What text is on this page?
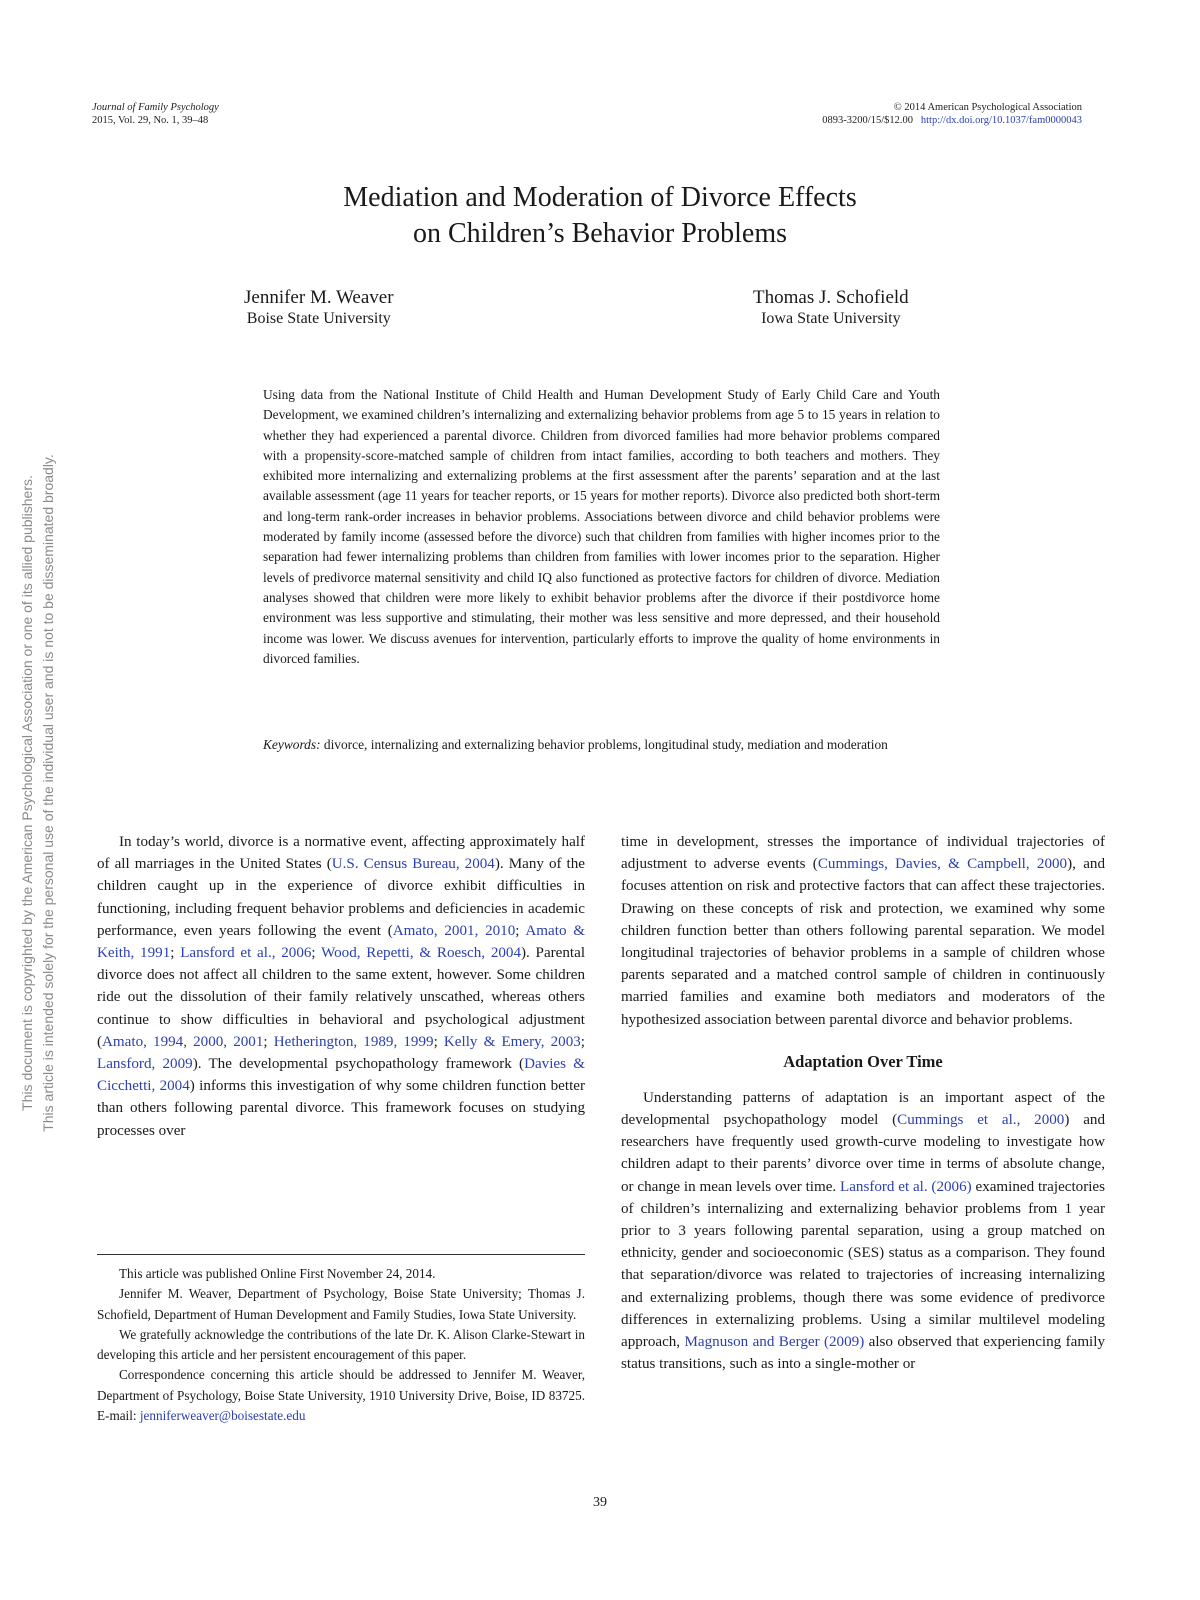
Journal of Family Psychology
2015, Vol. 29, No. 1, 39–48
© 2014 American Psychological Association
0893-3200/15/$12.00 http://dx.doi.org/10.1037/fam0000043
Mediation and Moderation of Divorce Effects
on Children’s Behavior Problems
Jennifer M. Weaver
Boise State University
Thomas J. Schofield
Iowa State University
Using data from the National Institute of Child Health and Human Development Study of Early Child Care and Youth Development, we examined children’s internalizing and externalizing behavior problems from age 5 to 15 years in relation to whether they had experienced a parental divorce. Children from divorced families had more behavior problems compared with a propensity-score-matched sample of children from intact families, according to both teachers and mothers. They exhibited more internalizing and externalizing problems at the first assessment after the parents’ separation and at the last available assessment (age 11 years for teacher reports, or 15 years for mother reports). Divorce also predicted both short-term and long-term rank-order increases in behavior problems. Associations between divorce and child behavior problems were moderated by family income (assessed before the divorce) such that children from families with higher incomes prior to the separation had fewer internalizing problems than children from families with lower incomes prior to the separation. Higher levels of predivorce maternal sensitivity and child IQ also functioned as protective factors for children of divorce. Mediation analyses showed that children were more likely to exhibit behavior problems after the divorce if their postdivorce home environment was less supportive and stimulating, their mother was less sensitive and more depressed, and their household income was lower. We discuss avenues for intervention, particularly efforts to improve the quality of home environments in divorced families.
Keywords: divorce, internalizing and externalizing behavior problems, longitudinal study, mediation and moderation

In today’s world, divorce is a normative event, affecting approximately half of all marriages in the United States (U.S. Census Bureau, 2004). Many of the children caught up in the experience of divorce exhibit difficulties in functioning, including frequent behavior problems and deficiencies in academic performance, even years following the event (Amato, 2001, 2010; Amato & Keith, 1991; Lansford et al., 2006; Wood, Repetti, & Roesch, 2004). Parental divorce does not affect all children to the same extent, however. Some children ride out the dissolution of their family relatively unscathed, whereas others continue to show difficulties in behavioral and psychological adjustment (Amato, 1994, 2000, 2001; Hetherington, 1989, 1999; Kelly & Emery, 2003; Lansford, 2009). The developmental psychopathology framework (Davies & Cicchetti, 2004) informs this investigation of why some children function better than others following parental divorce. This framework focuses on studying processes over

time in development, stresses the importance of individual trajectories of adjustment to adverse events (Cummings, Davies, & Campbell, 2000), and focuses attention on risk and protective factors that can affect these trajectories. Drawing on these concepts of risk and protection, we examined why some children function better than others following parental separation. We model longitudinal trajectories of behavior problems in a sample of children whose parents separated and a matched control sample of children in continuously married families and examine both mediators and moderators of the hypothesized association between parental divorce and behavior problems.

Adaptation Over Time

Understanding patterns of adaptation is an important aspect of the developmental psychopathology model (Cummings et al., 2000) and researchers have frequently used growth-curve modeling to investigate how children adapt to their parents’ divorce over time in terms of absolute change, or change in mean levels over time. Lansford et al. (2006) examined trajectories of children’s internalizing and externalizing behavior problems from 1 year prior to 3 years following parental separation, using a group matched on ethnicity, gender and socioeconomic (SES) status as a comparison. They found that separation/divorce was related to trajectories of increasing internalizing and externalizing problems, though there was some evidence of predivorce differences in externalizing problems. Using a similar multilevel modeling approach, Magnuson and Berger (2009) also observed that experiencing family status transitions, such as into a single-mother or

This article was published Online First November 24, 2014.

Jennifer M. Weaver, Department of Psychology, Boise State University; Thomas J. Schofield, Department of Human Development and Family Studies, Iowa State University.

We gratefully acknowledge the contributions of the late Dr. K. Alison Clarke-Stewart in developing this article and her persistent encouragement of this paper.

Correspondence concerning this article should be addressed to Jennifer M. Weaver, Department of Psychology, Boise State University, 1910 University Drive, Boise, ID 83725. E-mail: jenniferweaver@boisestate.edu

39
This document is copyrighted by the American Psychological Association or one of its allied publishers. This article is intended solely for the personal use of the individual user and is not to be disseminated broadly.
